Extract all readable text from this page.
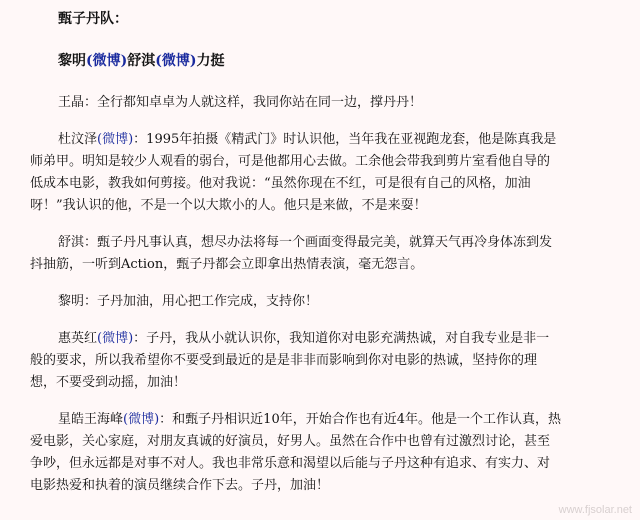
甄子丹队：
黎明(微博)舒淇(微博)力挺
王晶：全行都知卓卓为人就这样，我同你站在同一边，撑丹丹！
杜汶泽(微博)：1995年拍摄《精武门》时认识他，当年我在亚视跑龙套，他是陈真我是
师弟甲。明知是较少人观看的弱台，可是他都用心去做。工余他会带我到剪片室看他自导的
低成本电影，教我如何剪接。他对我说：“虽然你现在不红，可是很有自己的风格，加油
呀！”我认识的他，不是一个以大欺小的人。他只是来做，不是来耍！
舒淇：甄子丹凡事认真，想尽办法将每一个画面变得最完美，就算天气再冷身体冻到发
抖抽筋，一听到Action，甄子丹都会立即拿出热情表演，毫无怨言。
黎明：子丹加油，用心把工作完成，支持你！
惠英红(微博)：子丹，我从小就认识你，我知道你对电影充满热诚，对自我专业是非一
般的要求，所以我希望你不要受到最近的是是非非而影响到你对电影的热诚，坚持你的理
想，不要受到动摇，加油！
星皓王海峰(微博)：和甄子丹相识近10年，开始合作也有近4年。他是一个工作认真，热
爱电影，关心家庭，对朋友真诚的好演员，好男人。虽然在合作中也曾有过激烈讨论，甚至
争吵，但永远都是对事不对人。我也非常乐意和渴望以后能与子丹这种有追求、有实力、对
电影热爱和执着的演员继续合作下去。子丹，加油！
www.fjsolar.net
